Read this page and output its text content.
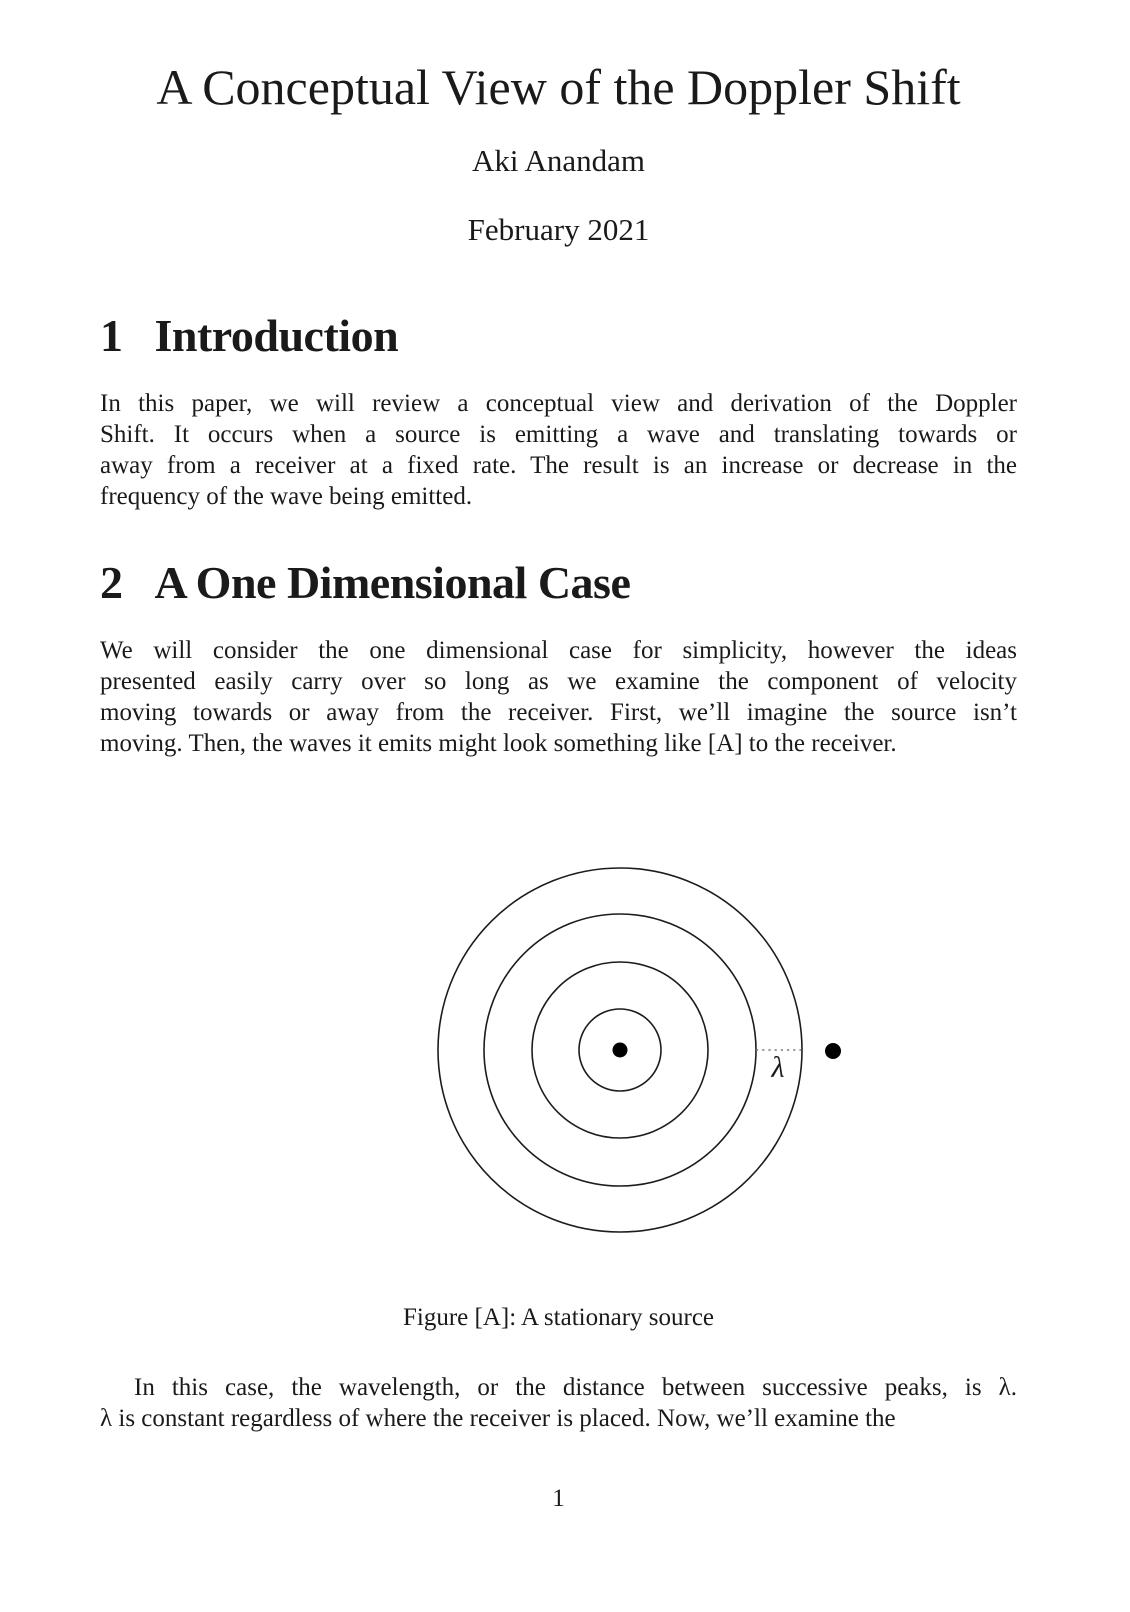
A Conceptual View of the Doppler Shift
Aki Anandam
February 2021
1 Introduction
In this paper, we will review a conceptual view and derivation of the Doppler
Shift. It occurs when a source is emitting a wave and translating towards or
away from a receiver at a fixed rate. The result is an increase or decrease in the
frequency of the wave being emitted.
2 A One Dimensional Case
We will consider the one dimensional case for simplicity, however the ideas
presented easily carry over so long as we examine the component of velocity
moving towards or away from the receiver. First, we’ll imagine the source isn’t
moving. Then, the waves it emits might look something like [A] to the receiver.
λ
Figure [A]: A stationary source
In this case, the wavelength, or the distance between successive peaks, is λ.
λ is constant regardless of where the receiver is placed. Now, we’ll examine the
1
